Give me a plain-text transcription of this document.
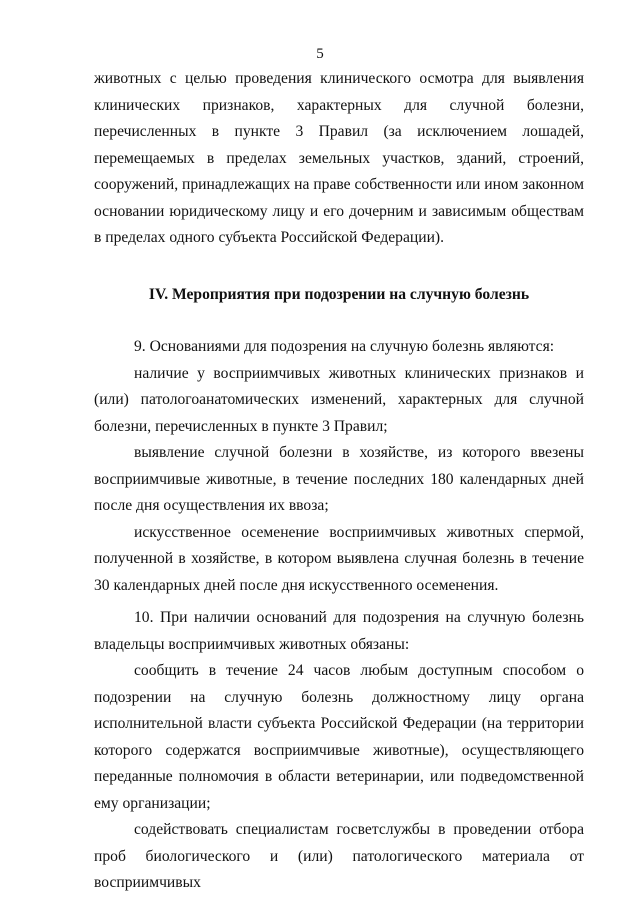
5

животных с целью проведения клинического осмотра для выявления клинических признаков, характерных для случной болезни, перечисленных в пункте 3 Правил (за исключением лошадей, перемещаемых в пределах земельных участков, зданий, строений, сооружений, принадлежащих на праве собственности или ином законном основании юридическому лицу и его дочерним и зависимым обществам в пределах одного субъекта Российской Федерации).

IV. Мероприятия при подозрении на случную болезнь

9. Основаниями для подозрения на случную болезнь являются:

наличие у восприимчивых животных клинических признаков и (или) патологоанатомических изменений, характерных для случной болезни, перечисленных в пункте 3 Правил;

выявление случной болезни в хозяйстве, из которого ввезены восприимчивые животные, в течение последних 180 календарных дней после дня осуществления их ввоза;

искусственное осеменение восприимчивых животных спермой, полученной в хозяйстве, в котором выявлена случная болезнь в течение 30 календарных дней после дня искусственного осеменения.

10. При наличии оснований для подозрения на случную болезнь владельцы восприимчивых животных обязаны:

сообщить в течение 24 часов любым доступным способом о подозрении на случную болезнь должностному лицу органа исполнительной власти субъекта Российской Федерации (на территории которого содержатся восприимчивые животные), осуществляющего переданные полномочия в области ветеринарии, или подведомственной ему организации;

содействовать специалистам госветслужбы в проведении отбора проб биологического и (или) патологического материала от восприимчивых
